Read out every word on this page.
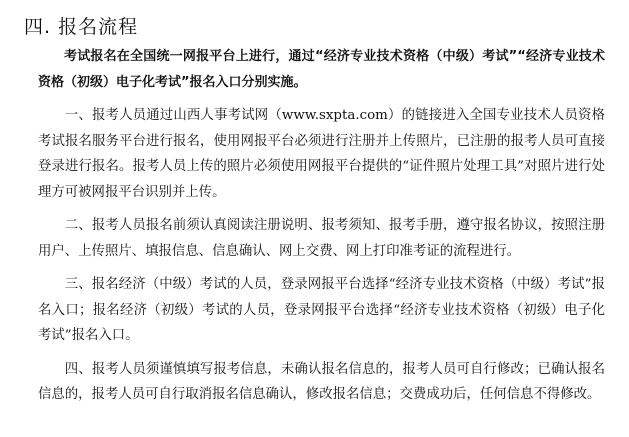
四. 报名流程

考试报名在全国统一网报平台上进行，通过“经济专业技术资格（中级）考试”“经济专业技术资格（初级）电子化考试”报名入口分别实施。

一、报考人员通过山西人事考试网（www.sxpta.com）的链接进入全国专业技术人员资格考试报名服务平台进行报名，使用网报平台必须进行注册并上传照片，已注册的报考人员可直接登录进行报名。报考人员上传的照片必须使用网报平台提供的“证件照片处理工具”对照片进行处理方可被网报平台识别并上传。

二、报考人员报名前须认真阅读注册说明、报考须知、报考手册，遵守报名协议，按照注册用户、上传照片、填报信息、信息确认、网上交费、网上打印准考证的流程进行。

三、报名经济（中级）考试的人员，登录网报平台选择“经济专业技术资格（中级）考试”报名入口；报名经济（初级）考试的人员，登录网报平台选择“经济专业技术资格（初级）电子化考试”报名入口。

四、报考人员须谨慎填写报考信息，未确认报名信息的，报考人员可自行修改；已确认报名信息的，报考人员可自行取消报名信息确认，修改报名信息；交费成功后，任何信息不得修改。
